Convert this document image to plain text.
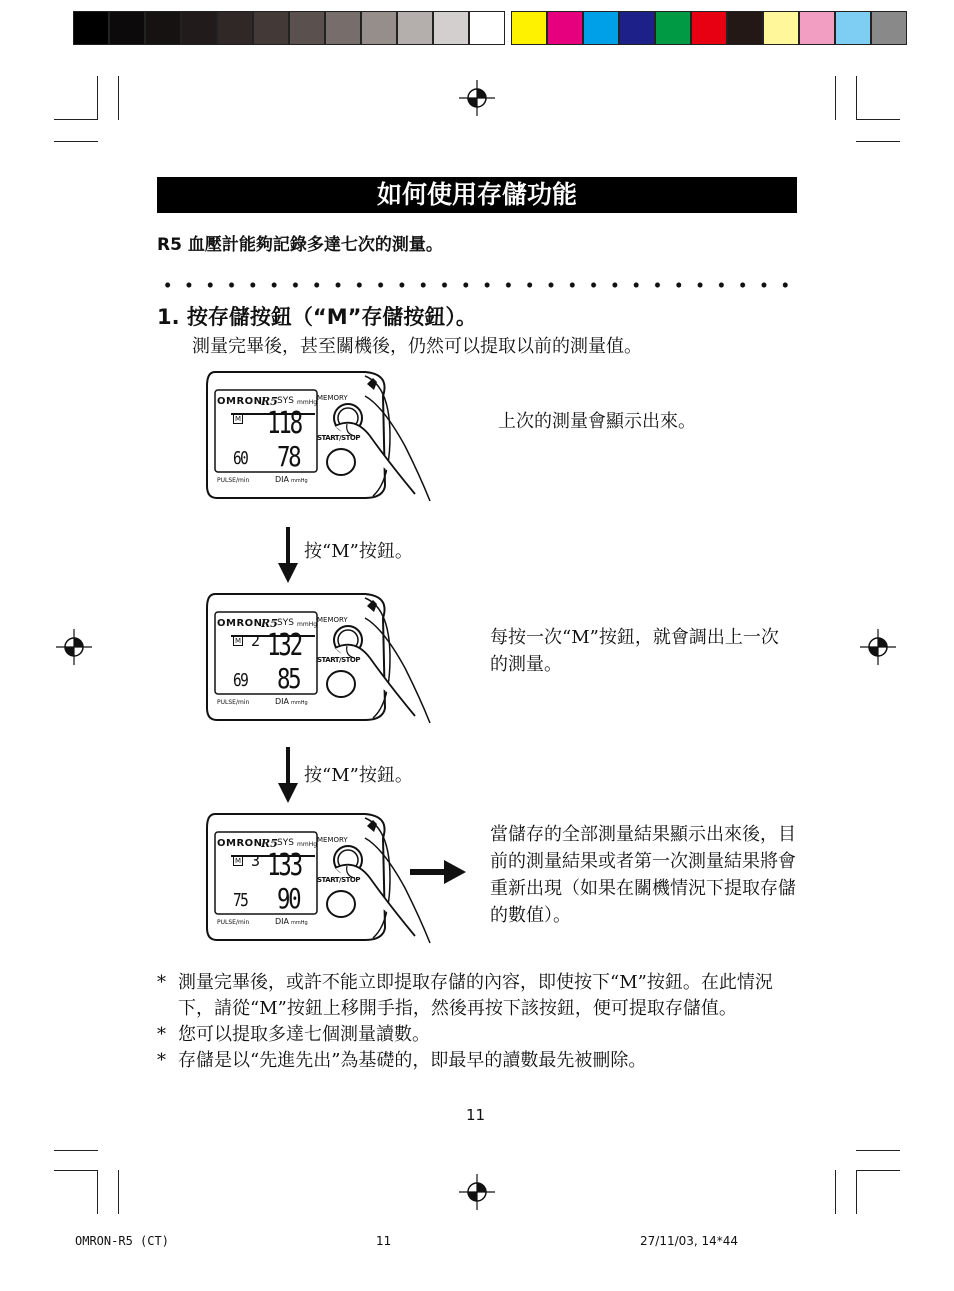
如何使用存儲功能
R5 血壓計能夠記錄多達七次的測量。
1. 按存儲按鈕（“M”存儲按鈕）。
測量完畢後，甚至關機後，仍然可以提取以前的測量值。
OMRON
R5 SYS mmHg
MEMORY
START/STOP
M 118
60 78
PULSE/min	DIA mmHg
OMRON
R5 SYS mmHg
MEMORY
START/STOP
M 2 132
69 85
PULSE/min	DIA mmHg
OMRON
R5 SYS mmHg
MEMORY
START/STOP
M 3 133
75 90
PULSE/min	DIA mmHg
按“M”按鈕。
按“M”按鈕。
上次的測量會顯示出來。
每按一次“M”按鈕，就會調出上一次的測量。
當儲存的全部測量結果顯示出來後，目前的測量結果或者第一次測量結果將會重新出現（如果在關機情況下提取存儲的數值）。
* 測量完畢後，或許不能立即提取存儲的內容，即使按下“M”按鈕。在此情況下，請從“M”按鈕上移開手指，然後再按下該按鈕，便可提取存儲值。
* 您可以提取多達七個測量讀數。
* 存儲是以“先進先出”為基礎的，即最早的讀數最先被刪除。
11
OMRON-R5 (CT)	11	27/11/03, 14*44
